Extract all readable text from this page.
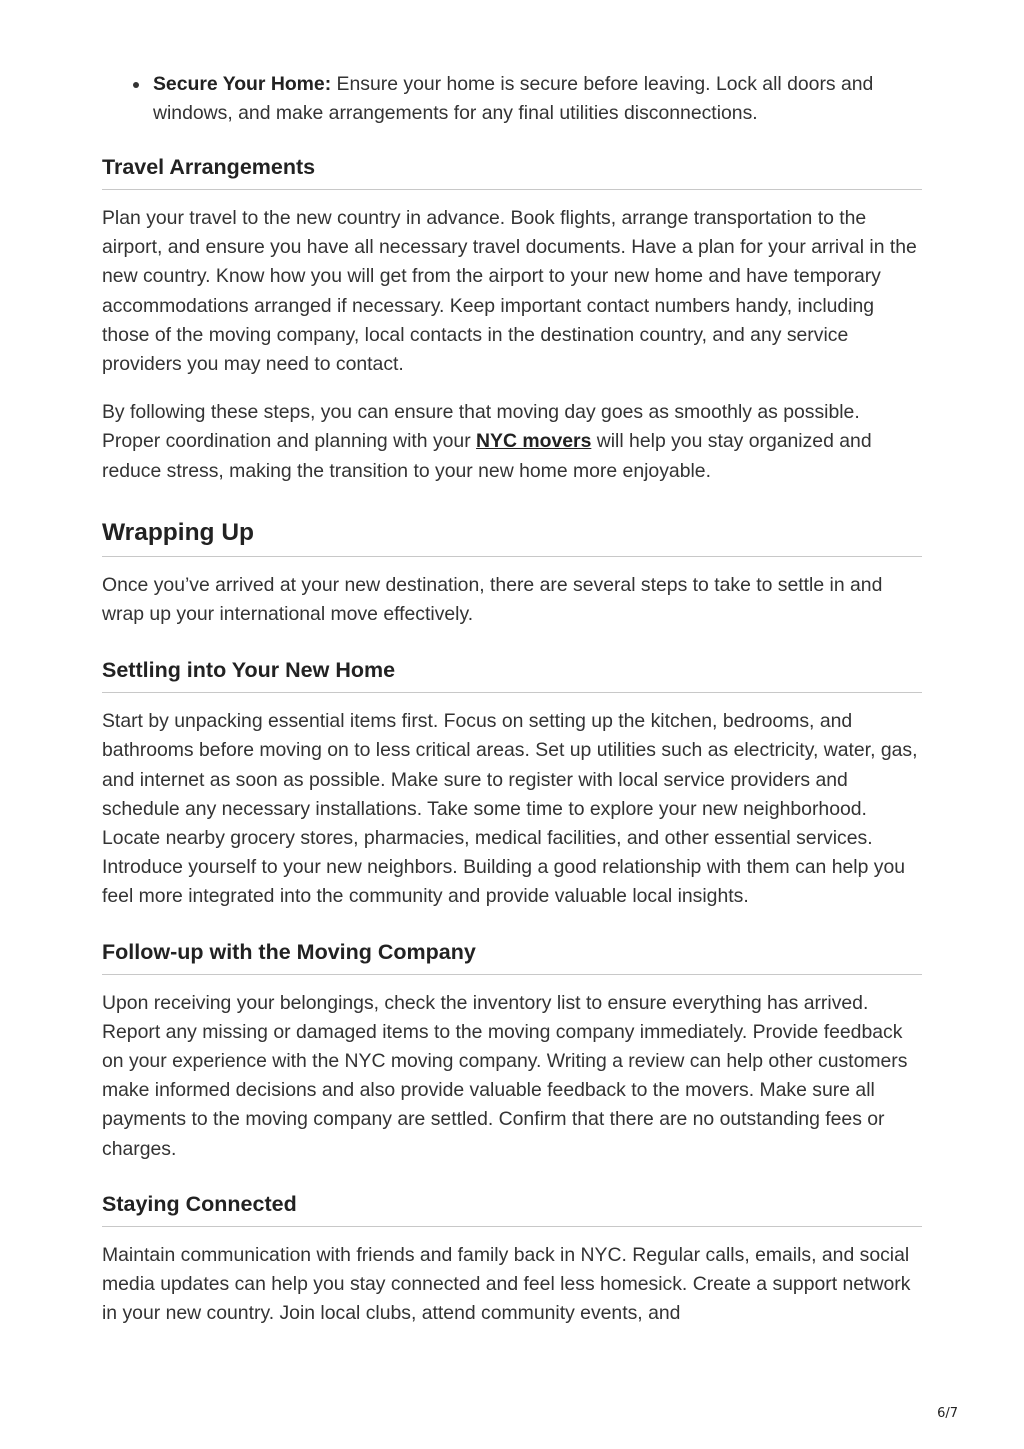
Secure Your Home: Ensure your home is secure before leaving. Lock all doors and windows, and make arrangements for any final utilities disconnections.
Travel Arrangements

Plan your travel to the new country in advance. Book flights, arrange transportation to the airport, and ensure you have all necessary travel documents. Have a plan for your arrival in the new country. Know how you will get from the airport to your new home and have temporary accommodations arranged if necessary. Keep important contact numbers handy, including those of the moving company, local contacts in the destination country, and any service providers you may need to contact.

By following these steps, you can ensure that moving day goes as smoothly as possible. Proper coordination and planning with your NYC movers will help you stay organized and reduce stress, making the transition to your new home more enjoyable.

Wrapping Up

Once you’ve arrived at your new destination, there are several steps to take to settle in and wrap up your international move effectively.

Settling into Your New Home

Start by unpacking essential items first. Focus on setting up the kitchen, bedrooms, and bathrooms before moving on to less critical areas. Set up utilities such as electricity, water, gas, and internet as soon as possible. Make sure to register with local service providers and schedule any necessary installations. Take some time to explore your new neighborhood. Locate nearby grocery stores, pharmacies, medical facilities, and other essential services. Introduce yourself to your new neighbors. Building a good relationship with them can help you feel more integrated into the community and provide valuable local insights.

Follow-up with the Moving Company

Upon receiving your belongings, check the inventory list to ensure everything has arrived. Report any missing or damaged items to the moving company immediately. Provide feedback on your experience with the NYC moving company. Writing a review can help other customers make informed decisions and also provide valuable feedback to the movers. Make sure all payments to the moving company are settled. Confirm that there are no outstanding fees or charges.

Staying Connected

Maintain communication with friends and family back in NYC. Regular calls, emails, and social media updates can help you stay connected and feel less homesick. Create a support network in your new country. Join local clubs, attend community events, and

6/7
